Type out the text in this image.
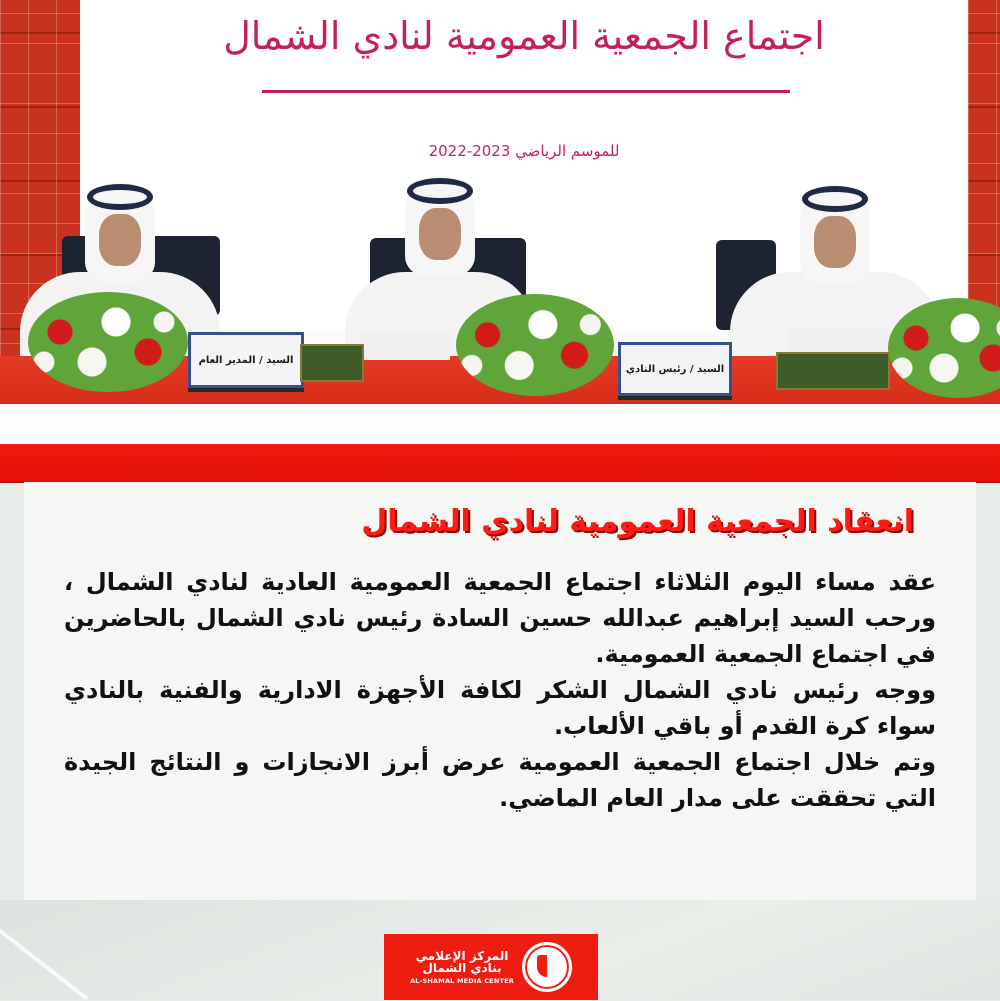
اجتماع الجمعية العمومية لنادي الشمال
للموسم الرياضي 2023-2022
السيد / المدير العام
السيد / رئيس النادي
انعقاد الجمعية العمومية لنادي الشمال

عقد مساء اليوم الثلاثاء اجتماع الجمعية العمومية العادية لنادي الشمال ، ورحب السيد إبراهيم عبدالله حسين السادة رئيس نادي الشمال بالحاضرين في اجتماع الجمعية العمومية.

ووجه رئيس نادي الشمال الشكر لكافة الأجهزة الادارية والفنية بالنادي سواء كرة القدم أو باقي الألعاب.

وتم خلال اجتماع الجمعية العمومية عرض أبرز الانجازات و النتائج الجيدة التي تحققت على مدار العام الماضي.

المركز الإعلامي
بنادي الشمال
AL-SHAMAL MEDIA CENTER
